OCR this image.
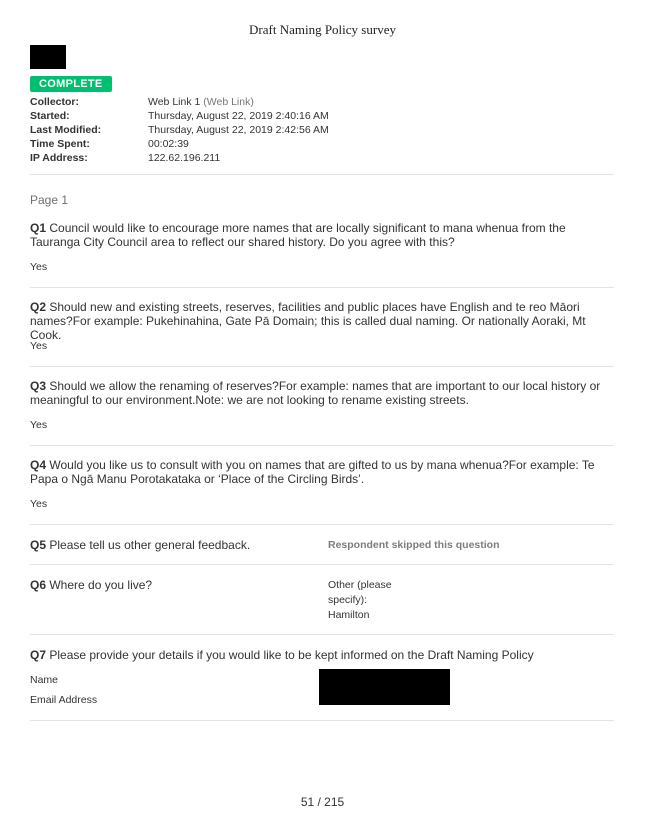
Draft Naming Policy survey
COMPLETE
Collector:	Web Link 1 (Web Link)
Started:	Thursday, August 22, 2019 2:40:16 AM
Last Modified:	Thursday, August 22, 2019 2:42:56 AM
Time Spent:	00:02:39
IP Address:	122.62.196.211
Page 1
Q1 Council would like to encourage more names that are locally significant to mana whenua from the Tauranga City Council area to reflect our shared history. Do you agree with this?
Yes
Q2 Should new and existing streets, reserves, facilities and public places have English and te reo Māori names?For example: Pukehinahina, Gate Pā Domain; this is called dual naming. Or nationally Aoraki, Mt Cook.
Yes
Q3 Should we allow the renaming of reserves?For example: names that are important to our local history or meaningful to our environment.Note: we are not looking to rename existing streets.
Yes
Q4 Would you like us to consult with you on names that are gifted to us by mana whenua?For example: Te Papa o Ngā Manu Porotakataka or ‘Place of the Circling Birds’.
Yes
Q5 Please tell us other general feedback.	Respondent skipped this question
Q6 Where do you live?	Other (please
specify):
Hamilton
Q7 Please provide your details if you would like to be kept informed on the Draft Naming Policy
Name
Email Address
51 / 215
